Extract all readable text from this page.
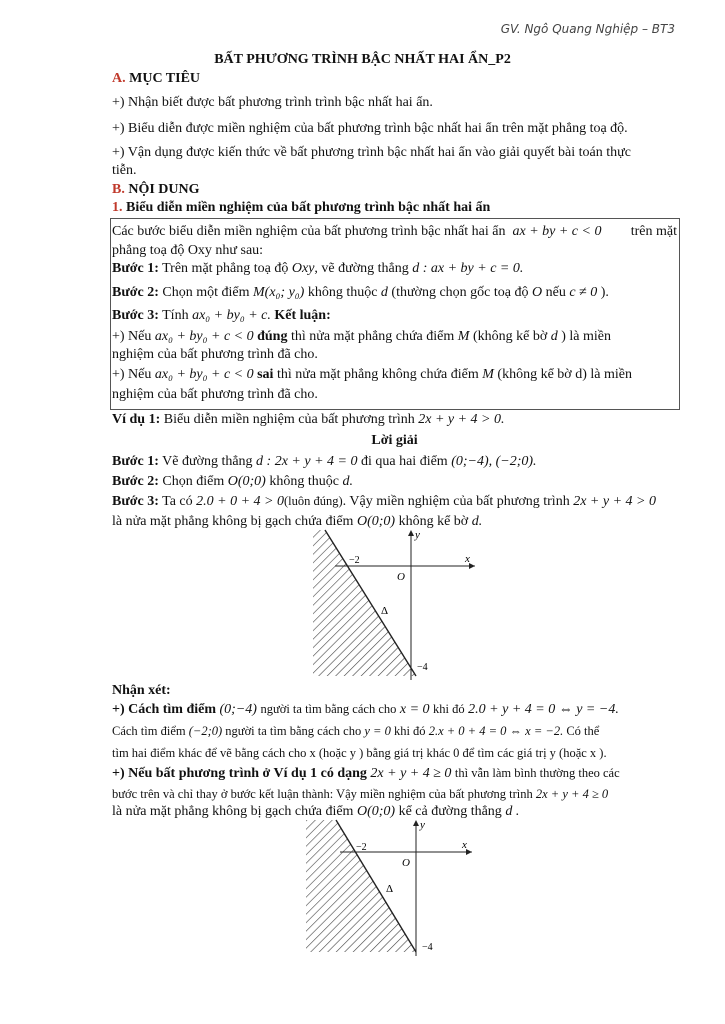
GV. Ngô Quang Nghiệp – BT3
BẤT PHƯƠNG TRÌNH BẬC NHẤT HAI ẨN_P2
A. MỤC TIÊU
+) Nhận biết được bất phương trình trình bậc nhất hai ẩn.
+) Biểu diễn được miền nghiệm của bất phương trình bậc nhất hai ẩn trên mặt phẳng toạ độ.
+) Vận dụng được kiến thức về bất phương trình bậc nhất hai ẩn vào giải quyết bài toán thực
tiễn.
B. NỘI DUNG
1. Biểu diễn miền nghiệm của bất phương trình bậc nhất hai ẩn
Các bước biểu diễn miền nghiệm của bất phương trình bậc nhất hai ẩn ax + by + c < 0 trên mặt
phẳng toạ độ Oxy như sau:
Bước 1: Trên mặt phẳng toạ độ Oxy, vẽ đường thẳng d : ax + by + c = 0.
Bước 2: Chọn một điểm M(x₀; y₀) không thuộc d (thường chọn gốc toạ độ O nếu c ≠ 0 ).
Bước 3: Tính ax₀ + by₀ + c. Kết luận:
+) Nếu ax₀ + by₀ + c < 0 đúng thì nửa mặt phẳng chứa điểm M (không kể bờ d ) là miền
nghiệm của bất phương trình đã cho.
+) Nếu ax₀ + by₀ + c < 0 sai thì nửa mặt phẳng không chứa điểm M (không kể bờ d) là miền
nghiệm của bất phương trình đã cho.
Ví dụ 1: Biểu diễn miền nghiệm của bất phương trình 2x + y + 4 > 0.
Lời giải
Bước 1: Vẽ đường thẳng d : 2x + y + 4 = 0 đi qua hai điểm (0;−4), (−2;0).
Bước 2: Chọn điểm O(0;0) không thuộc d.
Bước 3: Ta có 2.0 + 0 + 4 > 0(luôn đúng). Vậy miền nghiệm của bất phương trình 2x + y + 4 > 0
là nửa mặt phẳng không bị gạch chứa điểm O(0;0) không kể bờ d.
x
y
O
−2
−4
Δ
Nhận xét:
+) Cách tìm điểm (0;−4) người ta tìm bằng cách cho x = 0 khi đó 2.0 + y + 4 = 0 ⇔ y = −4.
Cách tìm điểm (−2;0) người ta tìm bằng cách cho y = 0 khi đó 2.x + 0 + 4 = 0 ⇔ x = −2. Có thể
tìm hai điểm khác để vẽ bằng cách cho x (hoặc y ) bằng giá trị khác 0 để tìm các giá trị y (hoặc x ).
+) Nếu bất phương trình ở Ví dụ 1 có dạng 2x + y + 4 ≥ 0 thì vẫn làm bình thường theo các
bước trên và chỉ thay ở bước kết luận thành: Vậy miền nghiệm của bất phương trình 2x + y + 4 ≥ 0
là nửa mặt phẳng không bị gạch chứa điểm O(0;0) kể cả đường thẳng d .
x
y
O
−2
−4
Δ
